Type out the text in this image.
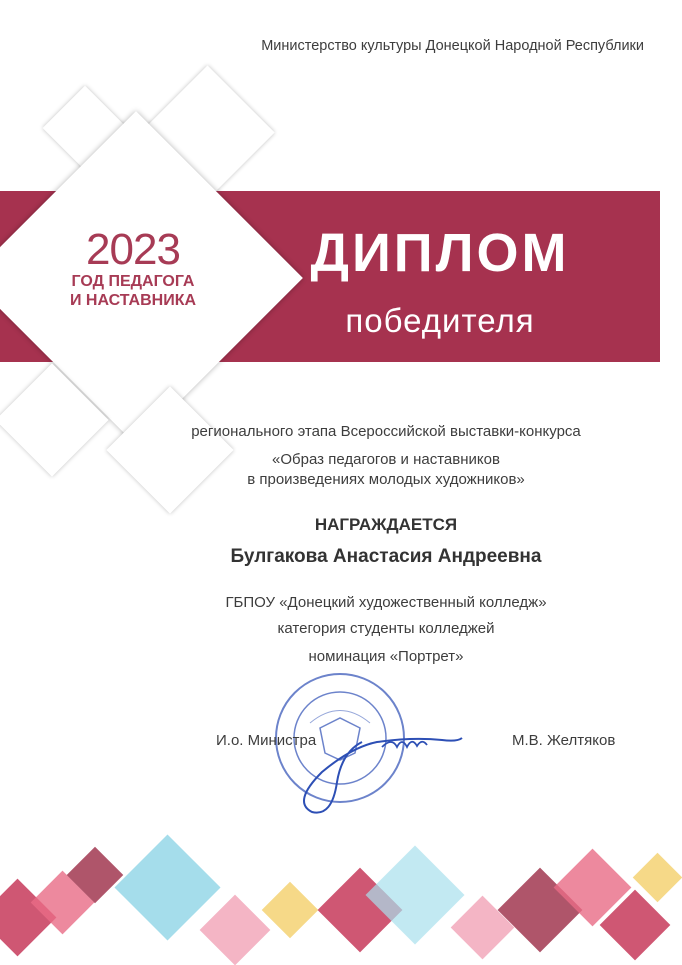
Министерство культуры Донецкой Народной Республики
2023
ГОД ПЕДАГОГА
И НАСТАВНИКА
ДИПЛОМ
победителя
регионального этапа Всероссийской выставки-конкурса
«Образ педагогов и наставников
в произведениях молодых художников»
НАГРАЖДАЕТСЯ
Булгакова Анастасия Андреевна
ГБПОУ «Донецкий художественный колледж»
категория студенты колледжей
номинация «Портрет»
И.о. Министра	М.В. Желтяков
